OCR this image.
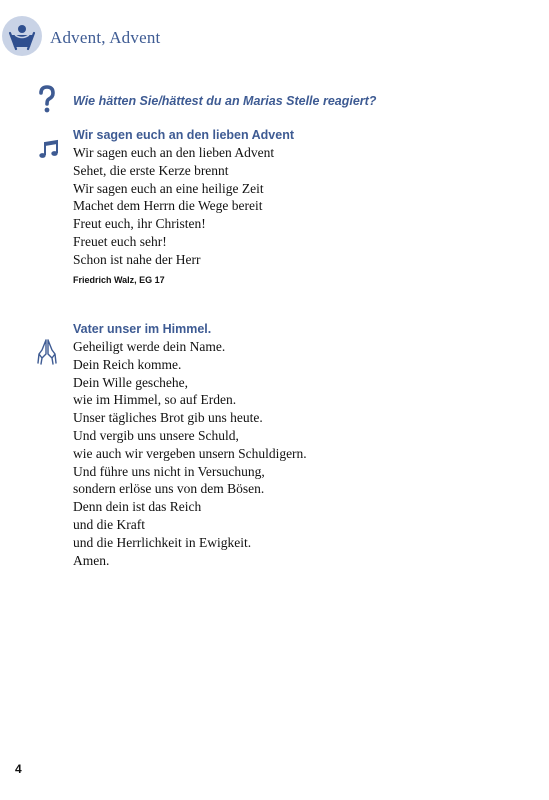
Advent, Advent
Wie hätten Sie/hättest du an Marias Stelle reagiert?
Wir sagen euch an den lieben Advent
Wir sagen euch an den lieben Advent
Sehet, die erste Kerze brennt
Wir sagen euch an eine heilige Zeit
Machet dem Herrn die Wege bereit
Freut euch, ihr Christen!
Freuet euch sehr!
Schon ist nahe der Herr
Friedrich Walz, EG 17
Vater unser im Himmel.
Geheiligt werde dein Name.
Dein Reich komme.
Dein Wille geschehe,
wie im Himmel, so auf Erden.
Unser tägliches Brot gib uns heute.
Und vergib uns unsere Schuld,
wie auch wir vergeben unsern Schuldigern.
Und führe uns nicht in Versuchung,
sondern erlöse uns von dem Bösen.
Denn dein ist das Reich
und die Kraft
und die Herrlichkeit in Ewigkeit.
Amen.
4
